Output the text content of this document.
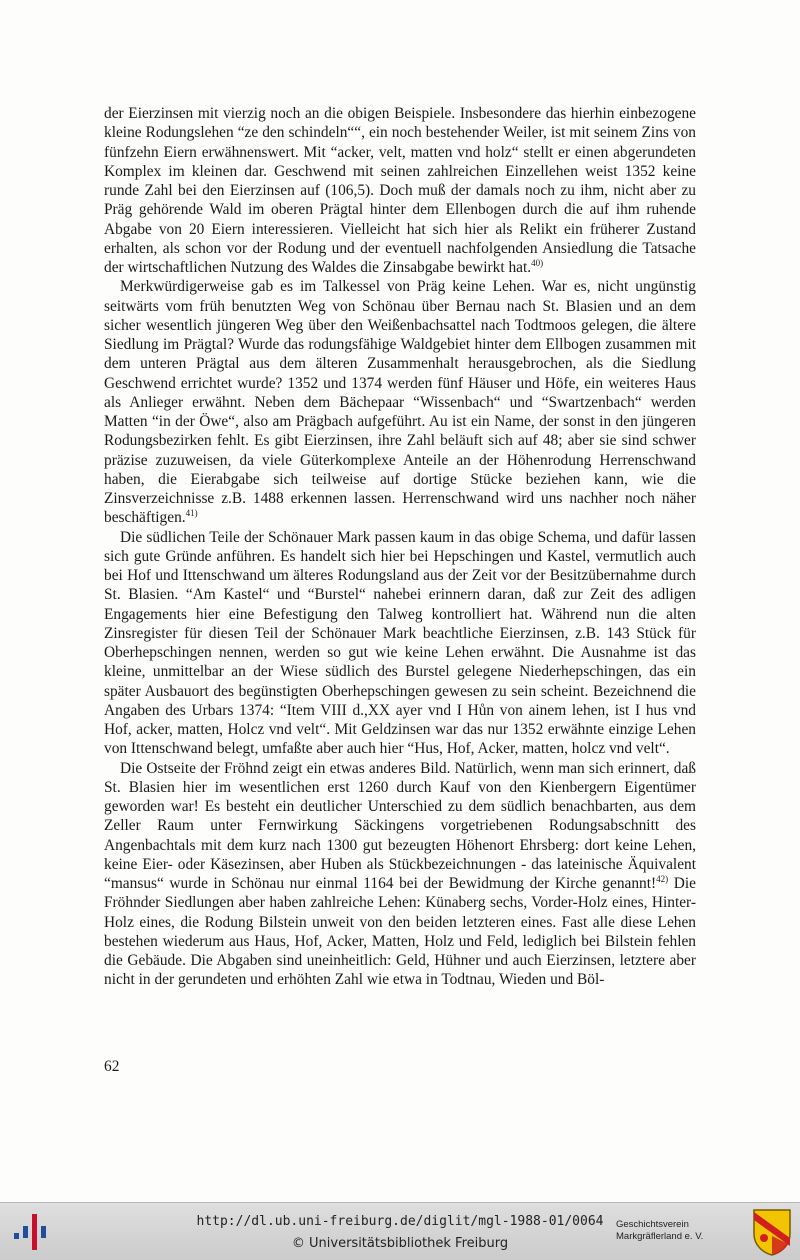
der Eierzinsen mit vierzig noch an die obigen Beispiele. Insbesondere das hierhin einbezogene kleine Rodungslehen “ze den schindeln““, ein noch bestehender Weiler, ist mit seinem Zins von fünfzehn Eiern erwähnenswert. Mit “acker, velt, matten vnd holz“ stellt er einen abgerundeten Komplex im kleinen dar. Geschwend mit seinen zahlreichen Einzellehen weist 1352 keine runde Zahl bei den Eierzinsen auf (106,5). Doch muß der damals noch zu ihm, nicht aber zu Präg gehörende Wald im oberen Prägtal hinter dem Ellenbogen durch die auf ihm ruhende Abgabe von 20 Eiern interessieren. Vielleicht hat sich hier als Relikt ein früherer Zustand erhalten, als schon vor der Rodung und der eventuell nachfolgenden Ansiedlung die Tatsache der wirtschaftlichen Nutzung des Waldes die Zinsabgabe bewirkt hat.$^{40)}$

Merkwürdigerweise gab es im Talkessel von Präg keine Lehen. War es, nicht ungünstig seitwärts vom früh benutzten Weg von Schönau über Bernau nach St. Blasien und an dem sicher wesentlich jüngeren Weg über den Weißenbachsattel nach Todtmoos gelegen, die ältere Siedlung im Prägtal? Wurde das rodungsfähige Waldgebiet hinter dem Ellbogen zusammen mit dem unteren Prägtal aus dem älteren Zusammenhalt herausgebrochen, als die Siedlung Geschwend errichtet wurde? 1352 und 1374 werden fünf Häuser und Höfe, ein weiteres Haus als Anlieger erwähnt. Neben dem Bächepaar “Wissenbach“ und “Swartzenbach“ werden Matten “in der Öwe“, also am Prägbach aufgeführt. Au ist ein Name, der sonst in den jüngeren Rodungsbezirken fehlt. Es gibt Eierzinsen, ihre Zahl beläuft sich auf 48; aber sie sind schwer präzise zuzuweisen, da viele Güterkomplexe Anteile an der Höhenrodung Herrenschwand haben, die Eierabgabe sich teilweise auf dortige Stücke beziehen kann, wie die Zinsverzeichnisse z.B. 1488 erkennen lassen. Herrenschwand wird uns nachher noch näher beschäftigen.$^{41)}$

Die südlichen Teile der Schönauer Mark passen kaum in das obige Schema, und dafür lassen sich gute Gründe anführen. Es handelt sich hier bei Hepschingen und Kastel, vermutlich auch bei Hof und Ittenschwand um älteres Rodungsland aus der Zeit vor der Besitzübernahme durch St. Blasien. “Am Kastel“ und “Burstel“ nahebei erinnern daran, daß zur Zeit des adligen Engagements hier eine Befestigung den Talweg kontrolliert hat. Während nun die alten Zinsregister für diesen Teil der Schönauer Mark beachtliche Eierzinsen, z.B. 143 Stück für Oberhepschingen nennen, werden so gut wie keine Lehen erwähnt. Die Ausnahme ist das kleine, unmittelbar an der Wiese südlich des Burstel gelegene Niederhepschingen, das ein später Ausbauort des begünstigten Oberhepschingen gewesen zu sein scheint. Bezeichnend die Angaben des Urbars 1374: “Item VIII d.,XX ayer vnd I Hůn von ainem lehen, ist I hus vnd Hof, acker, matten, Holcz vnd velt“. Mit Geldzinsen war das nur 1352 erwähnte einzige Lehen von Ittenschwand belegt, umfaßte aber auch hier “Hus, Hof, Acker, matten, holcz vnd velt“.

Die Ostseite der Fröhnd zeigt ein etwas anderes Bild. Natürlich, wenn man sich erinnert, daß St. Blasien hier im wesentlichen erst 1260 durch Kauf von den Kienbergern Eigentümer geworden war! Es besteht ein deutlicher Unterschied zu dem südlich benachbarten, aus dem Zeller Raum unter Fernwirkung Säckingens vorgetriebenen Rodungsabschnitt des Angenbachtals mit dem kurz nach 1300 gut bezeugten Höhenort Ehrsberg: dort keine Lehen, keine Eier- oder Käsezinsen, aber Huben als Stückbezeichnungen - das lateinische Äquivalent “mansus“ wurde in Schönau nur einmal 1164 bei der Bewidmung der Kirche genannt!$^{42)}$ Die Fröhnder Siedlungen aber haben zahlreiche Lehen: Künaberg sechs, Vorder-Holz eines, Hinter-Holz eines, die Rodung Bilstein unweit von den beiden letzteren eines. Fast alle diese Lehen bestehen wiederum aus Haus, Hof, Acker, Matten, Holz und Feld, lediglich bei Bilstein fehlen die Gebäude. Die Abgaben sind uneinheitlich: Geld, Hühner und auch Eierzinsen, letztere aber nicht in der gerundeten und erhöhten Zahl wie etwa in Todtnau, Wieden und Böl-

62
http://dl.ub.uni-freiburg.de/diglit/mgl-1988-01/0064
© Universitätsbibliothek Freiburg
Geschichtsverein
Markgräflerland e. V.
